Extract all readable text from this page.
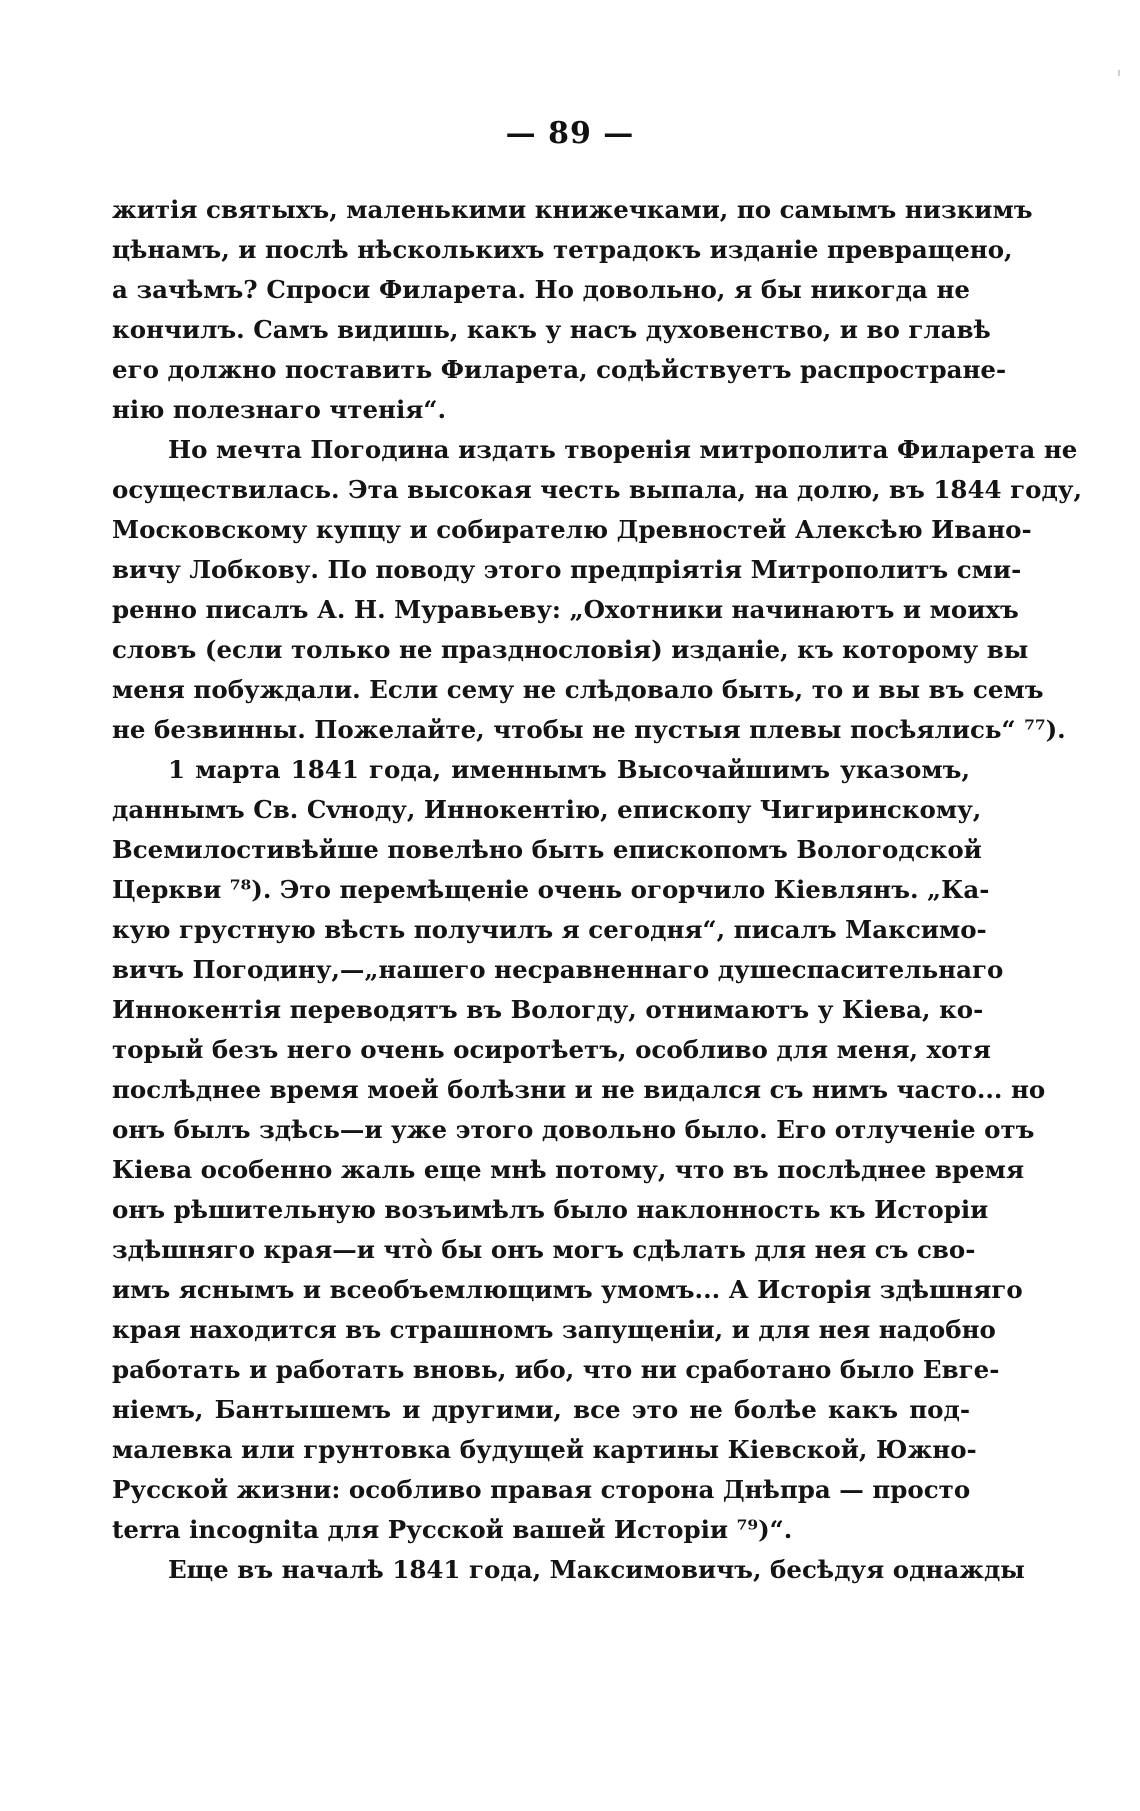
— 89 —
житія святыхъ, маленькими книжечками, по самымъ низкимъ
цѣнамъ, и послѣ нѣсколькихъ тетрадокъ изданіе превращено,
а зачѣмъ? Спроси Филарета. Но довольно, я бы никогда не
кончилъ. Самъ видишь, какъ у насъ духовенство, и во главѣ
его должно поставить Филарета, содѣйствуетъ распростране-
нію полезнаго чтенія“.
Но мечта Погодина издать творенія митрополита Филарета не
осуществилась. Эта высокая честь выпала, на долю, въ 1844 году,
Московскому купцу и собирателю Древностей Алексѣю Ивано-
вичу Лобкову. По поводу этого предпріятія Митрополитъ сми-
ренно писалъ А. Н. Муравьеву: „Охотники начинаютъ и моихъ
словъ (если только не празднословія) изданіе, къ которому вы
меня побуждали. Если сему не слѣдовало быть, то и вы въ семъ
не безвинны. Пожелайте, чтобы не пустыя плевы посѣялись“ ⁷⁷).
1 марта 1841 года, именнымъ Высочайшимъ указомъ,
даннымъ Св. Сvноду, Иннокентію, епископу Чигиринскому,
Всемилостивѣйше повелѣно быть епископомъ Вологодской
Церкви ⁷⁸). Это перемѣщеніе очень огорчило Кіевлянъ. „Ка-
кую грустную вѣсть получилъ я сегодня“, писалъ Максимо-
вичъ Погодину,—„нашего несравненнаго душеспасительнаго
Иннокентія переводятъ въ Вологду, отнимаютъ у Кіева, ко-
торый безъ него очень осиротѣетъ, особливо для меня, хотя
послѣднее время моей болѣзни и не видался съ нимъ часто... но
онъ былъ здѣсь—и уже этого довольно было. Его отлученіе отъ
Кіева особенно жаль еще мнѣ потому, что въ послѣднее время
онъ рѣшительную возъимѣлъ было наклонность къ Исторіи
здѣшняго края—и что̀ бы онъ могъ сдѣлать для нея съ сво-
имъ яснымъ и всеобъемлющимъ умомъ... А Исторія здѣшняго
края находится въ страшномъ запущеніи, и для нея надобно
работать и работать вновь, ибо, что ни сработано было Евге-
ніемъ, Бантышемъ и другими, все это не болѣе какъ под-
малевка или грунтовка будущей картины Кіевской, Южно-
Русской жизни: особливо правая сторона Днѣпра — просто
terra incognita для Русской вашей Исторіи ⁷⁹)“.
Еще въ началѣ 1841 года, Максимовичъ, бесѣдуя однажды
